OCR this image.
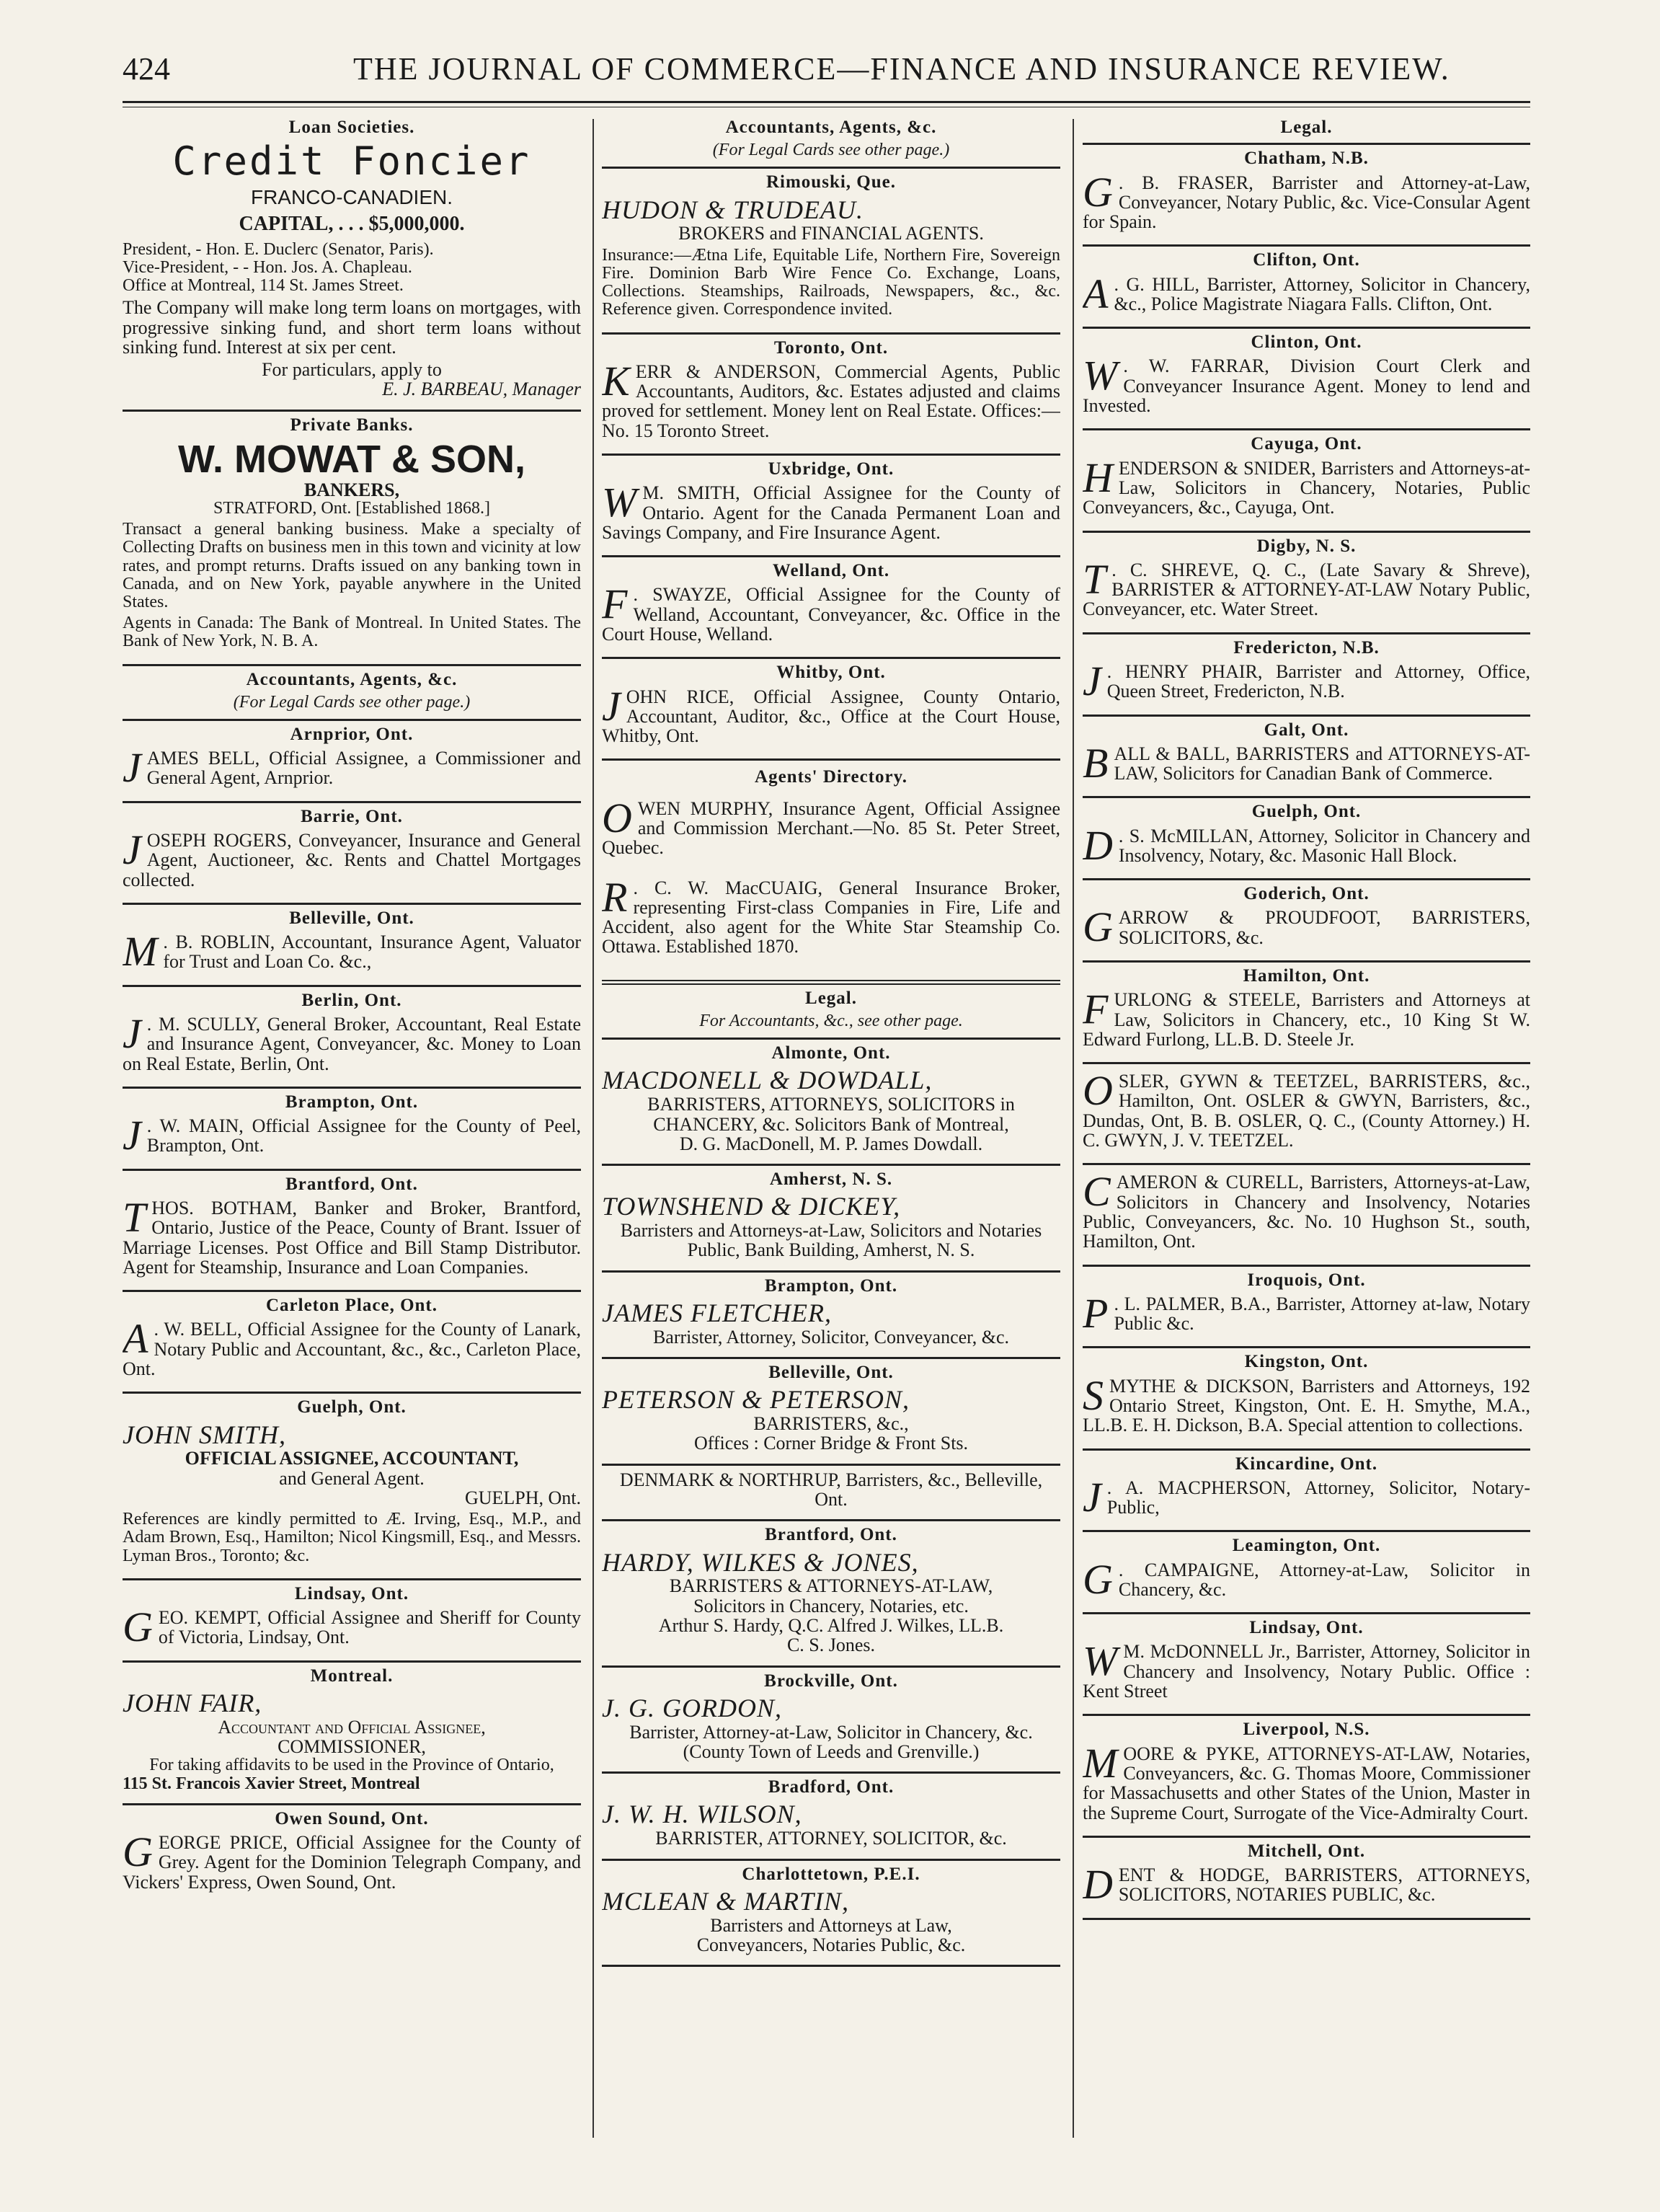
424	THE JOURNAL OF COMMERCE—FINANCE AND INSURANCE REVIEW.
Loan Societies.
Credit Foncier
FRANCO-CANADIEN.
CAPITAL, . . . $5,000,000.
President, - Hon. E. Duclerc (Senator, Paris).
Vice-President, - - Hon. Jos. A. Chapleau.
Office at Montreal, 114 St. James Street.
The Company will make long term loans on mortgages, with progressive sinking fund, and short term loans without sinking fund. Interest at six per cent.
For particulars, apply to
E. J. BARBEAU, Manager
Private Banks.
W. MOWAT & SON,
BANKERS,
STRATFORD, Ont. [Established 1868.]
Transact a general banking business. Make a specialty of Collecting Drafts on business men in this town and vicinity at low rates, and prompt returns. Drafts issued on any banking town in Canada, and on New York, payable anywhere in the United States.
Agents in Canada: The Bank of Montreal. In United States. The Bank of New York, N. B. A.
Accountants, Agents, &c.
(For Legal Cards see other page.)
Arnprior, Ont.
JAMES BELL, Official Assignee, a Commissioner and General Agent, Arnprior.
Barrie, Ont.
JOSEPH ROGERS, Conveyancer, Insurance and General Agent, Auctioneer, &c. Rents and Chattel Mortgages collected.
Belleville, Ont.
M . B. ROBLIN, Accountant, Insurance Agent, Valuator for Trust and Loan Co. &c.,
Berlin, Ont.
J . M. SCULLY, General Broker, Accountant, Real Estate and Insurance Agent, Conveyancer, &c. Money to Loan on Real Estate, Berlin, Ont.
Brampton, Ont.
J . W. MAIN, Official Assignee for the County of Peel, Brampton, Ont.
Brantford, Ont.
THOS. BOTHAM, Banker and Broker, Brantford, Ontario, Justice of the Peace, County of Brant. Issuer of Marriage Licenses. Post Office and Bill Stamp Distributor. Agent for Steamship, Insurance and Loan Companies.
Carleton Place, Ont.
A . W. BELL, Official Assignee for the County of Lanark, Notary Public and Accountant, &c., &c., Carleton Place, Ont.
Guelph, Ont.
JOHN SMITH,
OFFICIAL ASSIGNEE, ACCOUNTANT,
and General Agent.
GUELPH, Ont.
References are kindly permitted to Æ. Irving, Esq., M.P., and Adam Brown, Esq., Hamilton; Nicol Kingsmill, Esq., and Messrs. Lyman Bros., Toronto; &c.
Lindsay, Ont.
GEO. KEMPT, Official Assignee and Sheriff for County of Victoria, Lindsay, Ont.
Montreal.
JOHN FAIR,
Accountant and Official Assignee,
COMMISSIONER,
For taking affidavits to be used in the Province of Ontario,
115 St. Francois Xavier Street, Montreal
Owen Sound, Ont.
GEORGE PRICE, Official Assignee for the County of Grey. Agent for the Dominion Telegraph Company, and Vickers' Express, Owen Sound, Ont.
Accountants, Agents, &c.
(For Legal Cards see other page.)
Rimouski, Que.
HUDON & TRUDEAU.
BROKERS and FINANCIAL AGENTS.
Insurance:—Ætna Life, Equitable Life, Northern Fire, Sovereign Fire. Dominion Barb Wire Fence Co. Exchange, Loans, Collections. Steamships, Railroads, Newspapers, &c., &c. Reference given. Correspondence invited.
Toronto, Ont.
KERR & ANDERSON, Commercial Agents, Public Accountants, Auditors, &c. Estates adjusted and claims proved for settlement. Money lent on Real Estate. Offices:—No. 15 Toronto Street.
Uxbridge, Ont.
W M. SMITH, Official Assignee for the County of Ontario. Agent for the Canada Permanent Loan and Savings Company, and Fire Insurance Agent.
Welland, Ont.
F . SWAYZE, Official Assignee for the County of Welland, Accountant, Conveyancer, &c. Office in the Court House, Welland.
Whitby, Ont.
JOHN RICE, Official Assignee, County Ontario, Accountant, Auditor, &c., Office at the Court House, Whitby, Ont.
Agents' Directory.
OWEN MURPHY, Insurance Agent, Official Assignee and Commission Merchant.—No. 85 St. Peter Street, Quebec.
R . C. W. MacCUAIG, General Insurance Broker, representing First-class Companies in Fire, Life and Accident, also agent for the White Star Steamship Co. Ottawa. Established 1870.
Legal.
For Accountants, &c., see other page.
Almonte, Ont.
MACDONELL & DOWDALL,
BARRISTERS, ATTORNEYS, SOLICITORS in CHANCERY, &c. Solicitors Bank of Montreal,
D. G. MacDonell, M. P. James Dowdall.
Amherst, N. S.
TOWNSHEND & DICKEY,
Barristers and Attorneys-at-Law, Solicitors and Notaries Public, Bank Building, Amherst, N. S.
Brampton, Ont.
JAMES FLETCHER,
Barrister, Attorney, Solicitor, Conveyancer, &c.
Belleville, Ont.
PETERSON & PETERSON,
BARRISTERS, &c.,
Offices : Corner Bridge & Front Sts.
DENMARK & NORTHRUP, Barristers, &c., Belleville, Ont.
Brantford, Ont.
HARDY, WILKES & JONES,
BARRISTERS & ATTORNEYS-AT-LAW,
Solicitors in Chancery, Notaries, etc.
Arthur S. Hardy, Q.C. Alfred J. Wilkes, LL.B.
C. S. Jones.
Brockville, Ont.
J. G. GORDON,
Barrister, Attorney-at-Law, Solicitor in Chancery, &c. (County Town of Leeds and Grenville.)
Bradford, Ont.
J. W. H. WILSON,
BARRISTER, ATTORNEY, SOLICITOR, &c.
Charlottetown, P.E.I.
MCLEAN & MARTIN,
Barristers and Attorneys at Law,
Conveyancers, Notaries Public, &c.
Legal.
Chatham, N.B.
G . B. FRASER, Barrister and Attorney-at-Law, Conveyancer, Notary Public, &c. Vice-Consular Agent for Spain.
Clifton, Ont.
A . G. HILL, Barrister, Attorney, Solicitor in Chancery, &c., Police Magistrate Niagara Falls. Clifton, Ont.
Clinton, Ont.
W . W. FARRAR, Division Court Clerk and Conveyancer Insurance Agent. Money to lend and Invested.
Cayuga, Ont.
HENDERSON & SNIDER, Barristers and Attorneys-at-Law, Solicitors in Chancery, Notaries, Public Conveyancers, &c., Cayuga, Ont.
Digby, N. S.
T . C. SHREVE, Q. C., (Late Savary & Shreve), BARRISTER & ATTORNEY-AT-LAW Notary Public, Conveyancer, etc. Water Street.
Fredericton, N.B.
J . HENRY PHAIR, Barrister and Attorney, Office, Queen Street, Fredericton, N.B.
Galt, Ont.
BALL & BALL, BARRISTERS and ATTORNEYS-AT-LAW, Solicitors for Canadian Bank of Commerce.
Guelph, Ont.
D . S. McMILLAN, Attorney, Solicitor in Chancery and Insolvency, Notary, &c. Masonic Hall Block.
Goderich, Ont.
GARROW & PROUDFOOT, BARRISTERS, SOLICITORS, &c.
Hamilton, Ont.
FURLONG & STEELE, Barristers and Attorneys at Law, Solicitors in Chancery, etc., 10 King St W. Edward Furlong, LL.B. D. Steele Jr.
OSLER, GYWN & TEETZEL, BARRISTERS, &c., Hamilton, Ont. OSLER & GWYN, Barristers, &c., Dundas, Ont, B. B. OSLER, Q. C., (County Attorney.) H. C. GWYN, J. V. TEETZEL.
CAMERON & CURELL, Barristers, Attorneys-at-Law, Solicitors in Chancery and Insolvency, Notaries Public, Conveyancers, &c. No. 10 Hughson St., south, Hamilton, Ont.
Iroquois, Ont.
P . L. PALMER, B.A., Barrister, Attorney at-law, Notary Public &c.
Kingston, Ont.
SMYTHE & DICKSON, Barristers and Attorneys, 192 Ontario Street, Kingston, Ont. E. H. Smythe, M.A., LL.B. E. H. Dickson, B.A. Special attention to collections.
Kincardine, Ont.
J . A. MACPHERSON, Attorney, Solicitor, Notary-Public,
Leamington, Ont.
G . CAMPAIGNE, Attorney-at-Law, Solicitor in Chancery, &c.
Lindsay, Ont.
W M. McDONNELL Jr., Barrister, Attorney, Solicitor in Chancery and Insolvency, Notary Public. Office : Kent Street
Liverpool, N.S.
MOORE & PYKE, ATTORNEYS-AT-LAW, Notaries, Conveyancers, &c. G. Thomas Moore, Commissioner for Massachusetts and other States of the Union, Master in the Supreme Court, Surrogate of the Vice-Admiralty Court.
Mitchell, Ont.
DENT & HODGE, BARRISTERS, ATTORNEYS, SOLICITORS, NOTARIES PUBLIC, &c.
